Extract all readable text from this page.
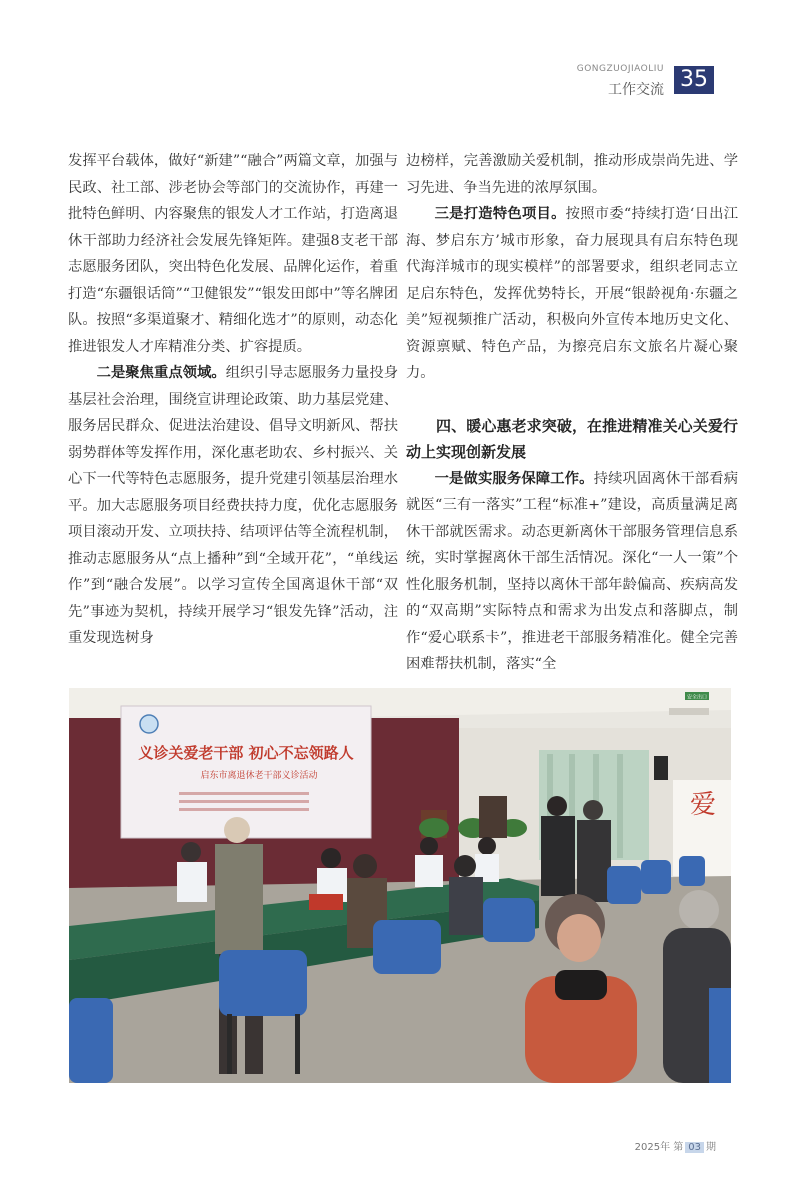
GONGZUOJIAOLIU
工作交流 35

发挥平台载体，做好“新建”“融合”两篇文章，加强与民政、社工部、涉老协会等部门的交流协作，再建一批特色鲜明、内容聚焦的银发人才工作站，打造离退休干部助力经济社会发展先锋矩阵。建强8支老干部志愿服务团队，突出特色化发展、品牌化运作，着重打造“东疆银话筒”“卫健银发”“银发田郎中”等名牌团队。按照“多渠道聚才、精细化选才”的原则，动态化推进银发人才库精准分类、扩容提质。

二是聚焦重点领域。组织引导志愿服务力量投身基层社会治理，围绕宣讲理论政策、助力基层党建、服务居民群众、促进法治建设、倡导文明新风、帮扶弱势群体等发挥作用，深化惠老助农、乡村振兴、关心下一代等特色志愿服务，提升党建引领基层治理水平。加大志愿服务项目经费扶持力度，优化志愿服务项目滚动开发、立项扶持、结项评估等全流程机制，推动志愿服务从“点上播种”到“全域开花”，“单线运作”到“融合发展”。以学习宣传全国离退休干部“双先”事迹为契机，持续开展学习“银发先锋”活动，注重发现选树身

边榜样，完善激励关爱机制，推动形成崇尚先进、学习先进、争当先进的浓厚氛围。

三是打造特色项目。按照市委“持续打造‘日出江海、梦启东方’城市形象，奋力展现具有启东特色现代海洋城市的现实模样”的部署要求，组织老同志立足启东特色，发挥优势特长，开展“银龄视角·东疆之美”短视频推广活动，积极向外宣传本地历史文化、资源禀赋、特色产品，为擦亮启东文旅名片凝心聚力。

四、暖心惠老求突破，在推进精准关心关爱行动上实现创新发展

一是做实服务保障工作。持续巩固离休干部看病就医“三有一落实”工程“标准+”建设，高质量满足离休干部就医需求。动态更新离休干部服务管理信息系统，实时掌握离休干部生活情况。深化“一人一策”个性化服务机制，坚持以离休干部年龄偏高、疾病高发的“双高期”实际特点和需求为出发点和落脚点，制作“爱心联系卡”，推进老干部服务精准化。健全完善困难帮扶机制，落实“全

安全出口
爱
义诊关爱老干部 初心不忘领路人
启东市离退休老干部义诊活动
2025年 第 03 期
